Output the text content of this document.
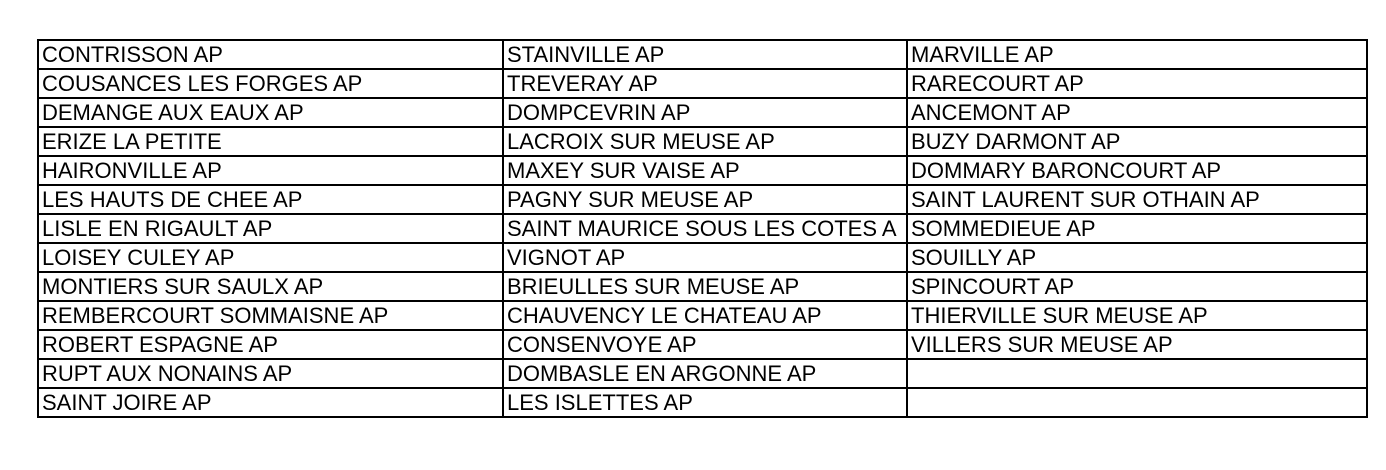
CONTRISSON AP	STAINVILLE AP	MARVILLE AP
COUSANCES LES FORGES AP	TREVERAY AP	RARECOURT AP
DEMANGE AUX EAUX AP	DOMPCEVRIN AP	ANCEMONT AP
ERIZE LA PETITE	LACROIX SUR MEUSE AP	BUZY DARMONT AP
HAIRONVILLE AP	MAXEY SUR VAISE AP	DOMMARY BARONCOURT AP
LES HAUTS DE CHEE AP	PAGNY SUR MEUSE AP	SAINT LAURENT SUR OTHAIN AP
LISLE EN RIGAULT AP	SAINT MAURICE SOUS LES COTES A	SOMMEDIEUE AP
LOISEY CULEY AP	VIGNOT AP	SOUILLY AP
MONTIERS SUR SAULX AP	BRIEULLES SUR MEUSE AP	SPINCOURT AP
REMBERCOURT SOMMAISNE AP	CHAUVENCY LE CHATEAU AP	THIERVILLE SUR MEUSE AP
ROBERT ESPAGNE AP	CONSENVOYE AP	VILLERS SUR MEUSE AP
RUPT AUX NONAINS AP	DOMBASLE EN ARGONNE AP	
SAINT JOIRE AP	LES ISLETTES AP	
